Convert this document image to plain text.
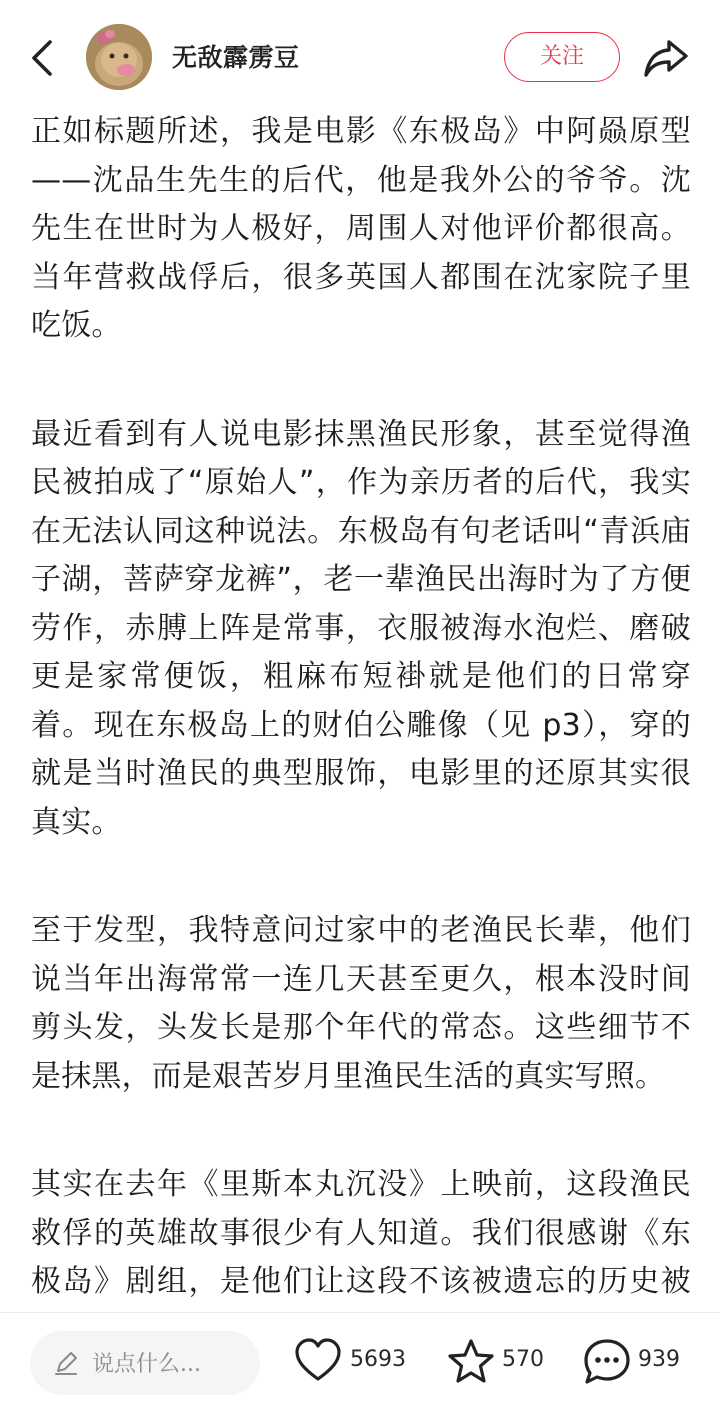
无敌霹雳豆	关注

正如标题所述，我是电影《东极岛》中阿赑原型——沈品生先生的后代，他是我外公的爷爷。沈先生在世时为人极好，周围人对他评价都很高。当年营救战俘后，很多英国人都围在沈家院子里吃饭。

最近看到有人说电影抹黑渔民形象，甚至觉得渔民被拍成了“原始人”，作为亲历者的后代，我实在无法认同这种说法。东极岛有句老话叫“青浜庙子湖，菩萨穿龙裤”，老一辈渔民出海时为了方便劳作，赤膊上阵是常事，衣服被海水泡烂、磨破更是家常便饭，粗麻布短褂就是他们的日常穿着。现在东极岛上的财伯公雕像（见 p3），穿的就是当时渔民的典型服饰，电影里的还原其实很真实。

至于发型，我特意问过家中的老渔民长辈，他们说当年出海常常一连几天甚至更久，根本没时间剪头发，头发长是那个年代的常态。这些细节不是抹黑，而是艰苦岁月里渔民生活的真实写照。

其实在去年《里斯本丸沉没》上映前，这段渔民救俘的英雄故事很少有人知道。我们很感谢《东极岛》剧组，是他们让这段不该被遗忘的历史被

说点什么...	5693	570	939
